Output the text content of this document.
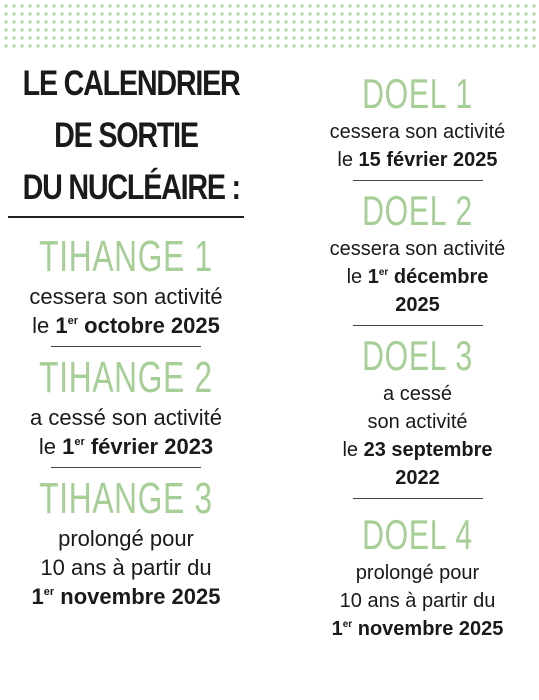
LE CALENDRIER
DE SORTIE
DU NUCLÉAIRE :
TIHANGE 1
cessera son activité
le 1er octobre 2025
TIHANGE 2
a cessé son activité
le 1er février 2023
TIHANGE 3
prolongé pour
10 ans à partir du
1er novembre 2025
DOEL 1
cessera son activité
le 15 février 2025
DOEL 2
cessera son activité
le 1er décembre
2025
DOEL 3
a cessé
son activité
le 23 septembre
2022
DOEL 4
prolongé pour
10 ans à partir du
1er novembre 2025
